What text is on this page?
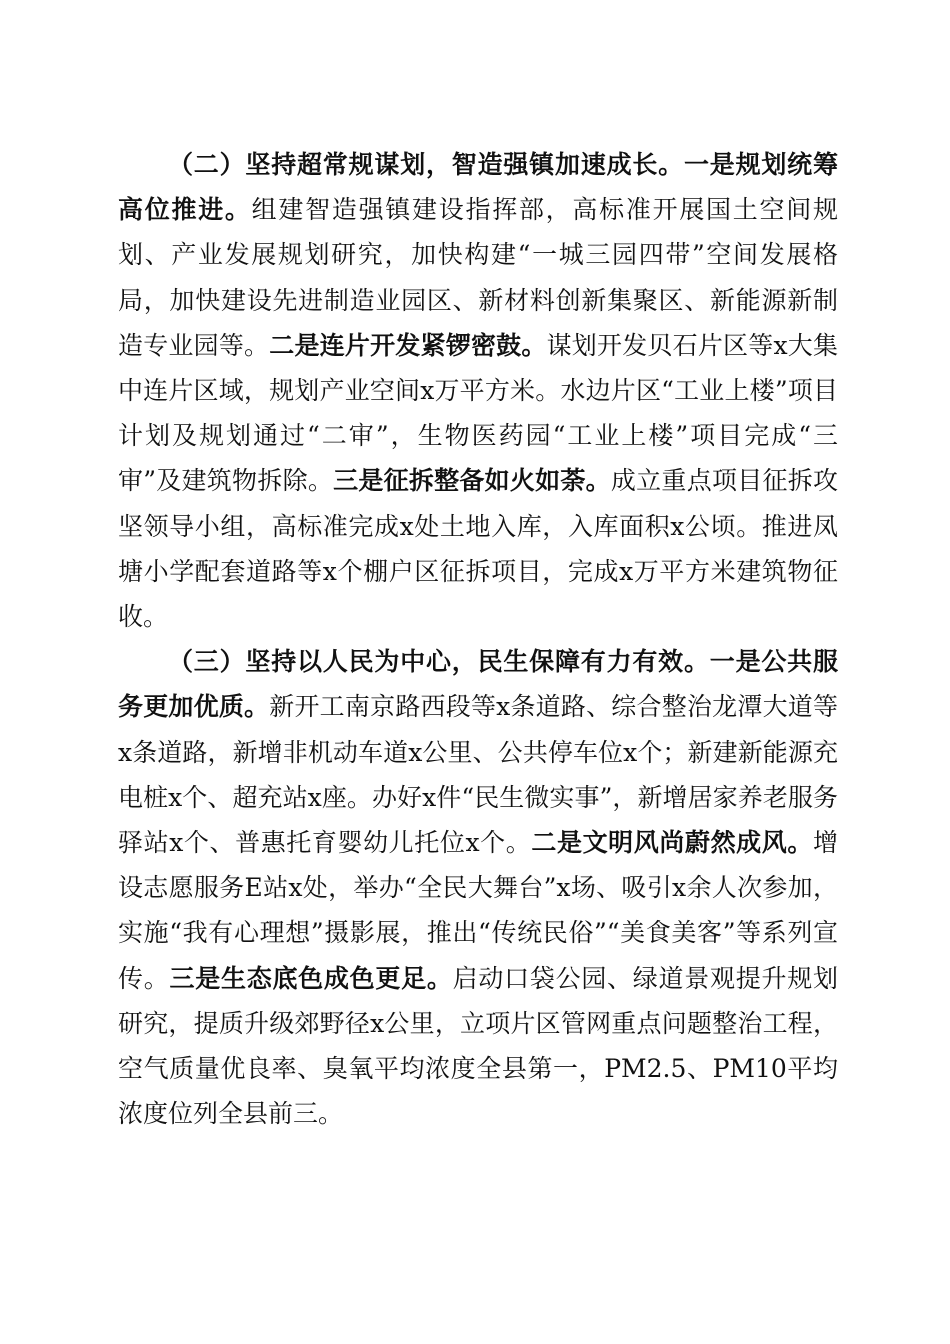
（二）坚持超常规谋划，智造强镇加速成长。一是规划统筹高位推进。组建智造强镇建设指挥部，高标准开展国土空间规划、产业发展规划研究，加快构建“一城三园四带”空间发展格局，加快建设先进制造业园区、新材料创新集聚区、新能源新制造专业园等。二是连片开发紧锣密鼓。谋划开发贝石片区等x大集中连片区域，规划产业空间x万平方米。水边片区“工业上楼”项目计划及规划通过“二审”，生物医药园“工业上楼”项目完成“三审”及建筑物拆除。三是征拆整备如火如荼。成立重点项目征拆攻坚领导小组，高标准完成x处土地入库，入库面积x公顷。推进凤塘小学配套道路等x个棚户区征拆项目，完成x万平方米建筑物征收。

（三）坚持以人民为中心，民生保障有力有效。一是公共服务更加优质。新开工南京路西段等x条道路、综合整治龙潭大道等x条道路，新增非机动车道x公里、公共停车位x个；新建新能源充电桩x个、超充站x座。办好x件“民生微实事”，新增居家养老服务驿站x个、普惠托育婴幼儿托位x个。二是文明风尚蔚然成风。增设志愿服务E站x处，举办“全民大舞台”x场、吸引x余人次参加，实施“我有心理想”摄影展，推出“传统民俗”“美食美客”等系列宣传。三是生态底色成色更足。启动口袋公园、绿道景观提升规划研究，提质升级郊野径x公里，立项片区管网重点问题整治工程，空气质量优良率、臭氧平均浓度全县第一，PM2.5、PM10平均浓度位列全县前三。
